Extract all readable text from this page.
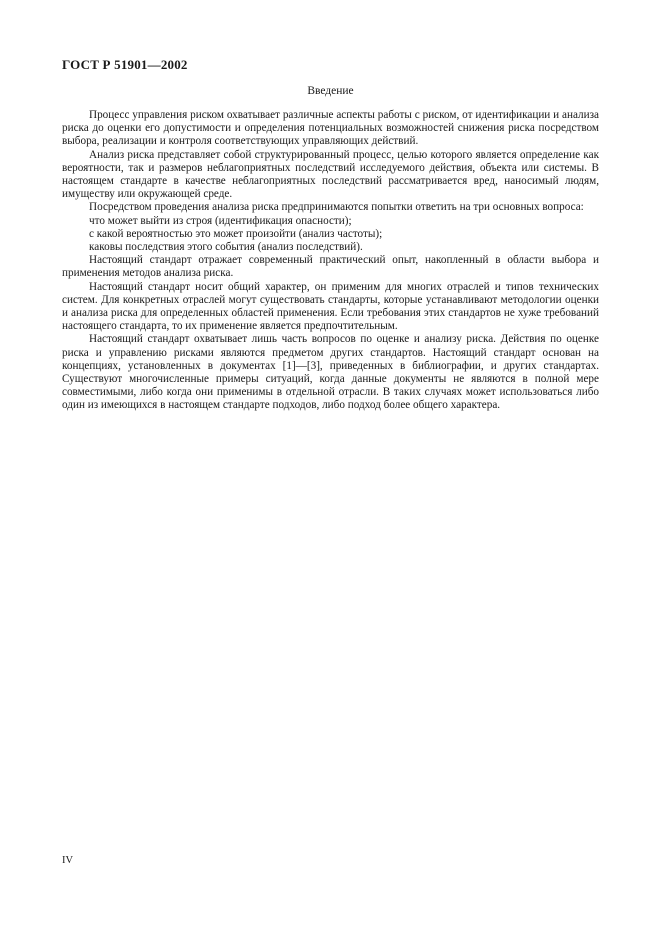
ГОСТ Р 51901—2002
Введение

Процесс управления риском охватывает различные аспекты работы с риском, от идентификации и анализа риска до оценки его допустимости и определения потенциальных возможностей снижения риска посредством выбора, реализации и контроля соответствующих управляющих действий.

Анализ риска представляет собой структурированный процесс, целью которого является определение как вероятности, так и размеров неблагоприятных последствий исследуемого действия, объекта или системы. В настоящем стандарте в качестве неблагоприятных последствий рассматривается вред, наносимый людям, имуществу или окружающей среде.

Посредством проведения анализа риска предпринимаются попытки ответить на три основных вопроса:

что может выйти из строя (идентификация опасности);

с какой вероятностью это может произойти (анализ частоты);

каковы последствия этого события (анализ последствий).

Настоящий стандарт отражает современный практический опыт, накопленный в области выбора и применения методов анализа риска.

Настоящий стандарт носит общий характер, он применим для многих отраслей и типов технических систем. Для конкретных отраслей могут существовать стандарты, которые устанавливают методологии оценки и анализа риска для определенных областей применения. Если требования этих стандартов не хуже требований настоящего стандарта, то их применение является предпочтительным.

Настоящий стандарт охватывает лишь часть вопросов по оценке и анализу риска. Действия по оценке риска и управлению рисками являются предметом других стандартов. Настоящий стандарт основан на концепциях, установленных в документах [1]—[3], приведенных в библиографии, и других стандартах. Существуют многочисленные примеры ситуаций, когда данные документы не являются в полной мере совместимыми, либо когда они применимы в отдельной отрасли. В таких случаях может использоваться либо один из имеющихся в настоящем стандарте подходов, либо подход более общего характера.

IV
